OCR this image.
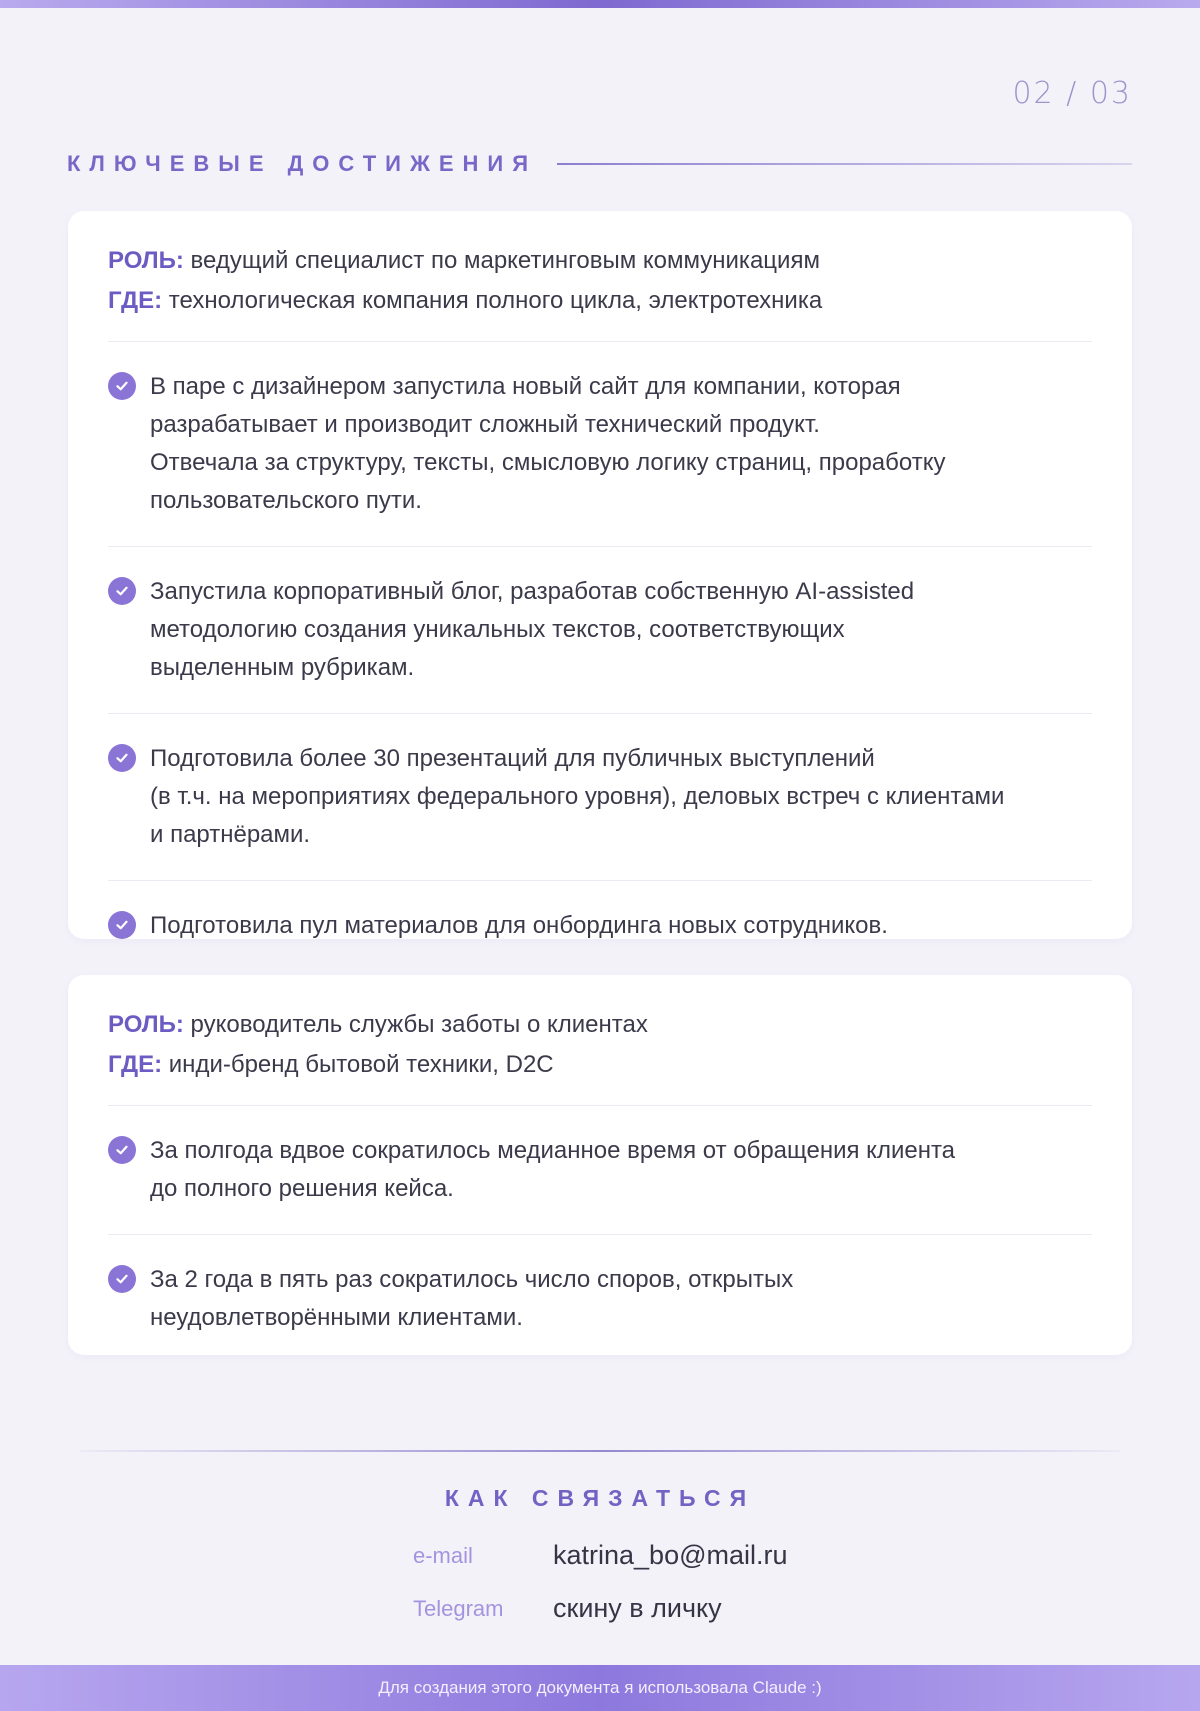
02 / 03
КЛЮЧЕВЫЕ ДОСТИЖЕНИЯ
РОЛЬ: ведущий специалист по маркетинговым коммуникациям
ГДЕ: технологическая компания полного цикла, электротехника
В паре с дизайнером запустила новый сайт для компании, которая
разрабатывает и производит сложный технический продукт.
Отвечала за структуру, тексты, смысловую логику страниц, проработку
пользовательского пути.
Запустила корпоративный блог, разработав собственную AI-assisted
методологию создания уникальных текстов, соответствующих
выделенным рубрикам.
Подготовила более 30 презентаций для публичных выступлений
(в т.ч. на мероприятиях федерального уровня), деловых встреч с клиентами
и партнёрами.
Подготовила пул материалов для онбординга новых сотрудников.
РОЛЬ: руководитель службы заботы о клиентах
ГДЕ: инди-бренд бытовой техники, D2C
За полгода вдвое сократилось медианное время от обращения клиента
до полного решения кейса.
За 2 года в пять раз сократилось число споров, открытых
неудовлетворёнными клиентами.
КАК СВЯЗАТЬСЯ
e-mail	katrina_bo@mail.ru
Telegram	скину в личку
Для создания этого документа я использовала Claude :)
